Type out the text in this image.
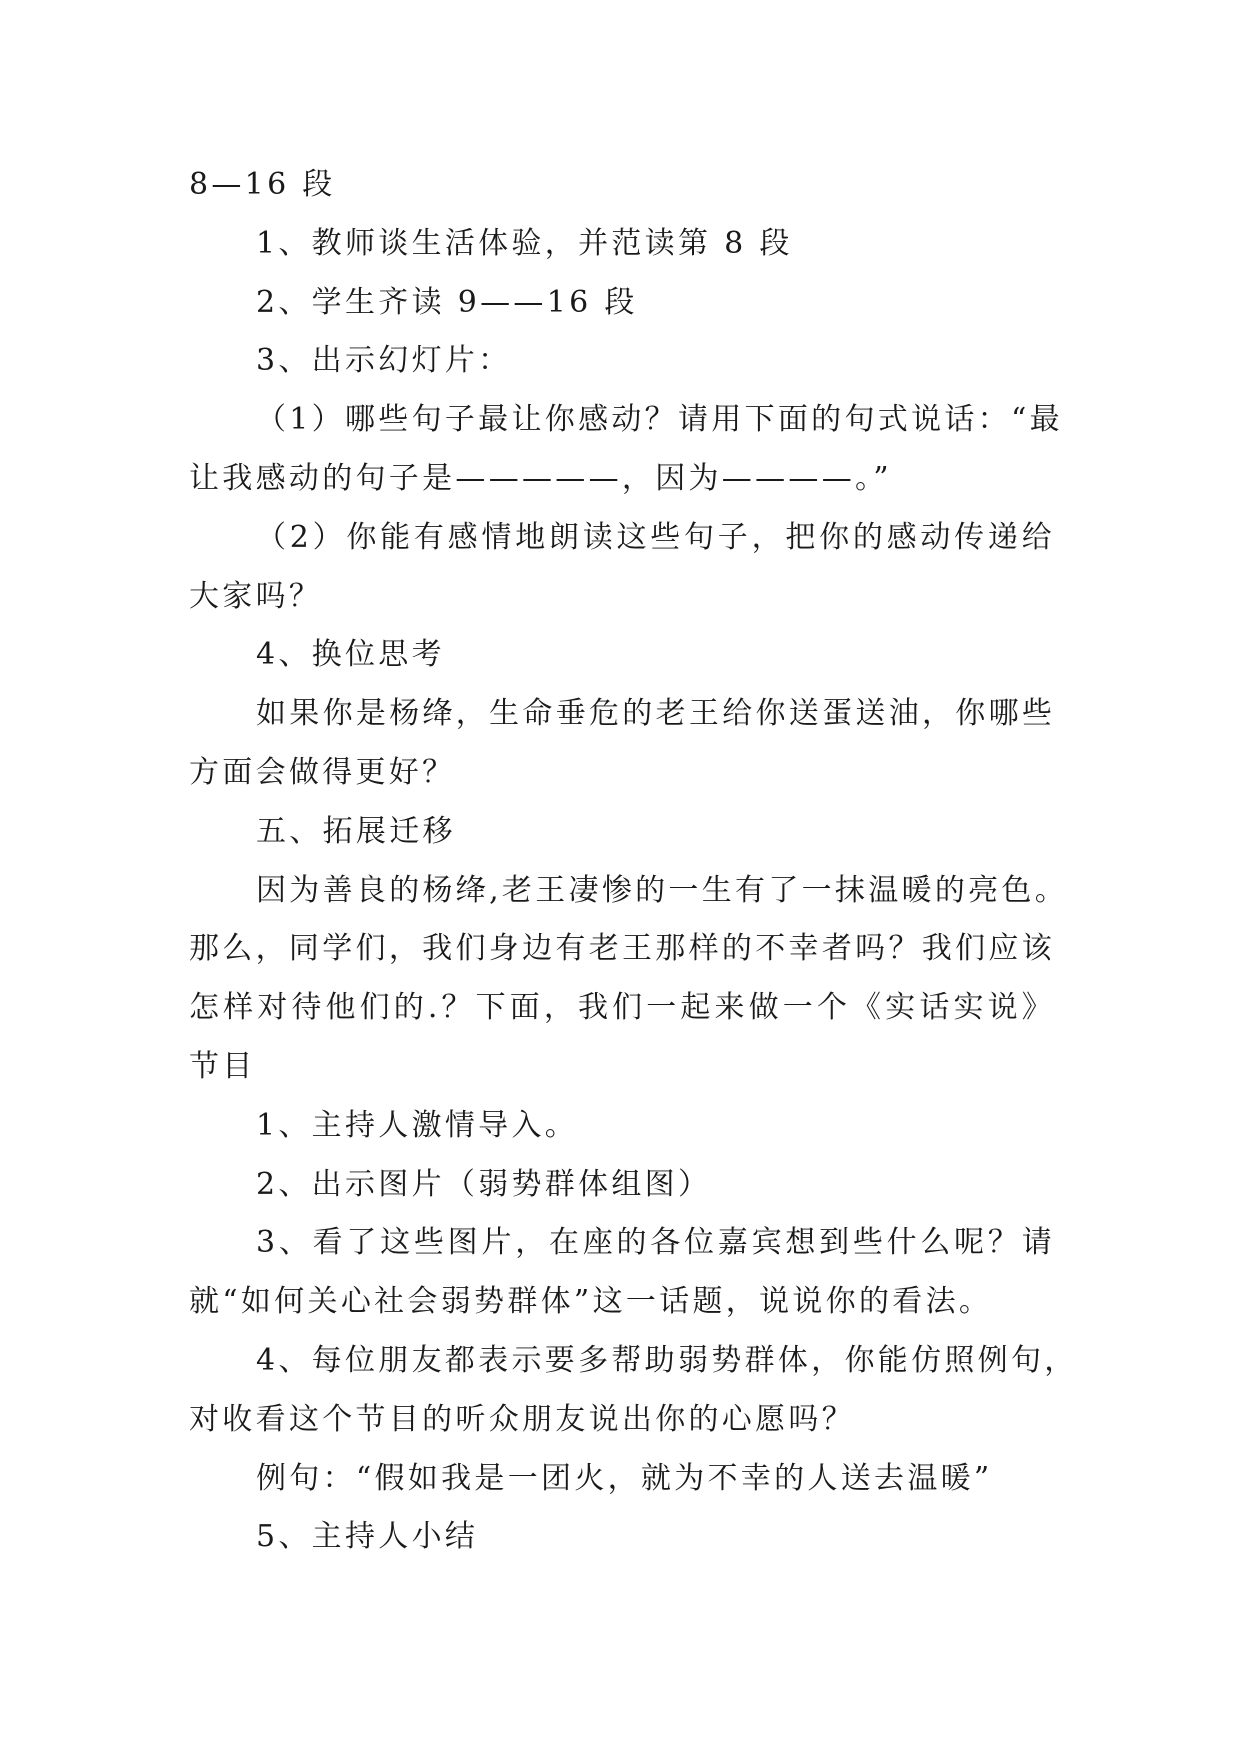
8—16 段
1、教师谈生活体验，并范读第 8 段
2、学生齐读 9——16 段
3、出示幻灯片：
（1）哪些句子最让你感动？请用下面的句式说话：“最
让我感动的句子是—————，因为————。”
（2）你能有感情地朗读这些句子，把你的感动传递给
大家吗？
4、换位思考
如果你是杨绛，生命垂危的老王给你送蛋送油，你哪些
方面会做得更好？
五、拓展迁移
因为善良的杨绛,老王凄惨的一生有了一抹温暖的亮色。
那么，同学们，我们身边有老王那样的不幸者吗？我们应该
怎样对待他们的.？下面，我们一起来做一个《实话实说》
节目
1、主持人激情导入。
2、出示图片（弱势群体组图）
3、看了这些图片，在座的各位嘉宾想到些什么呢？请
就“如何关心社会弱势群体”这一话题，说说你的看法。
4、每位朋友都表示要多帮助弱势群体，你能仿照例句，
对收看这个节目的听众朋友说出你的心愿吗？
例句：“假如我是一团火，就为不幸的人送去温暖”
5、主持人小结
